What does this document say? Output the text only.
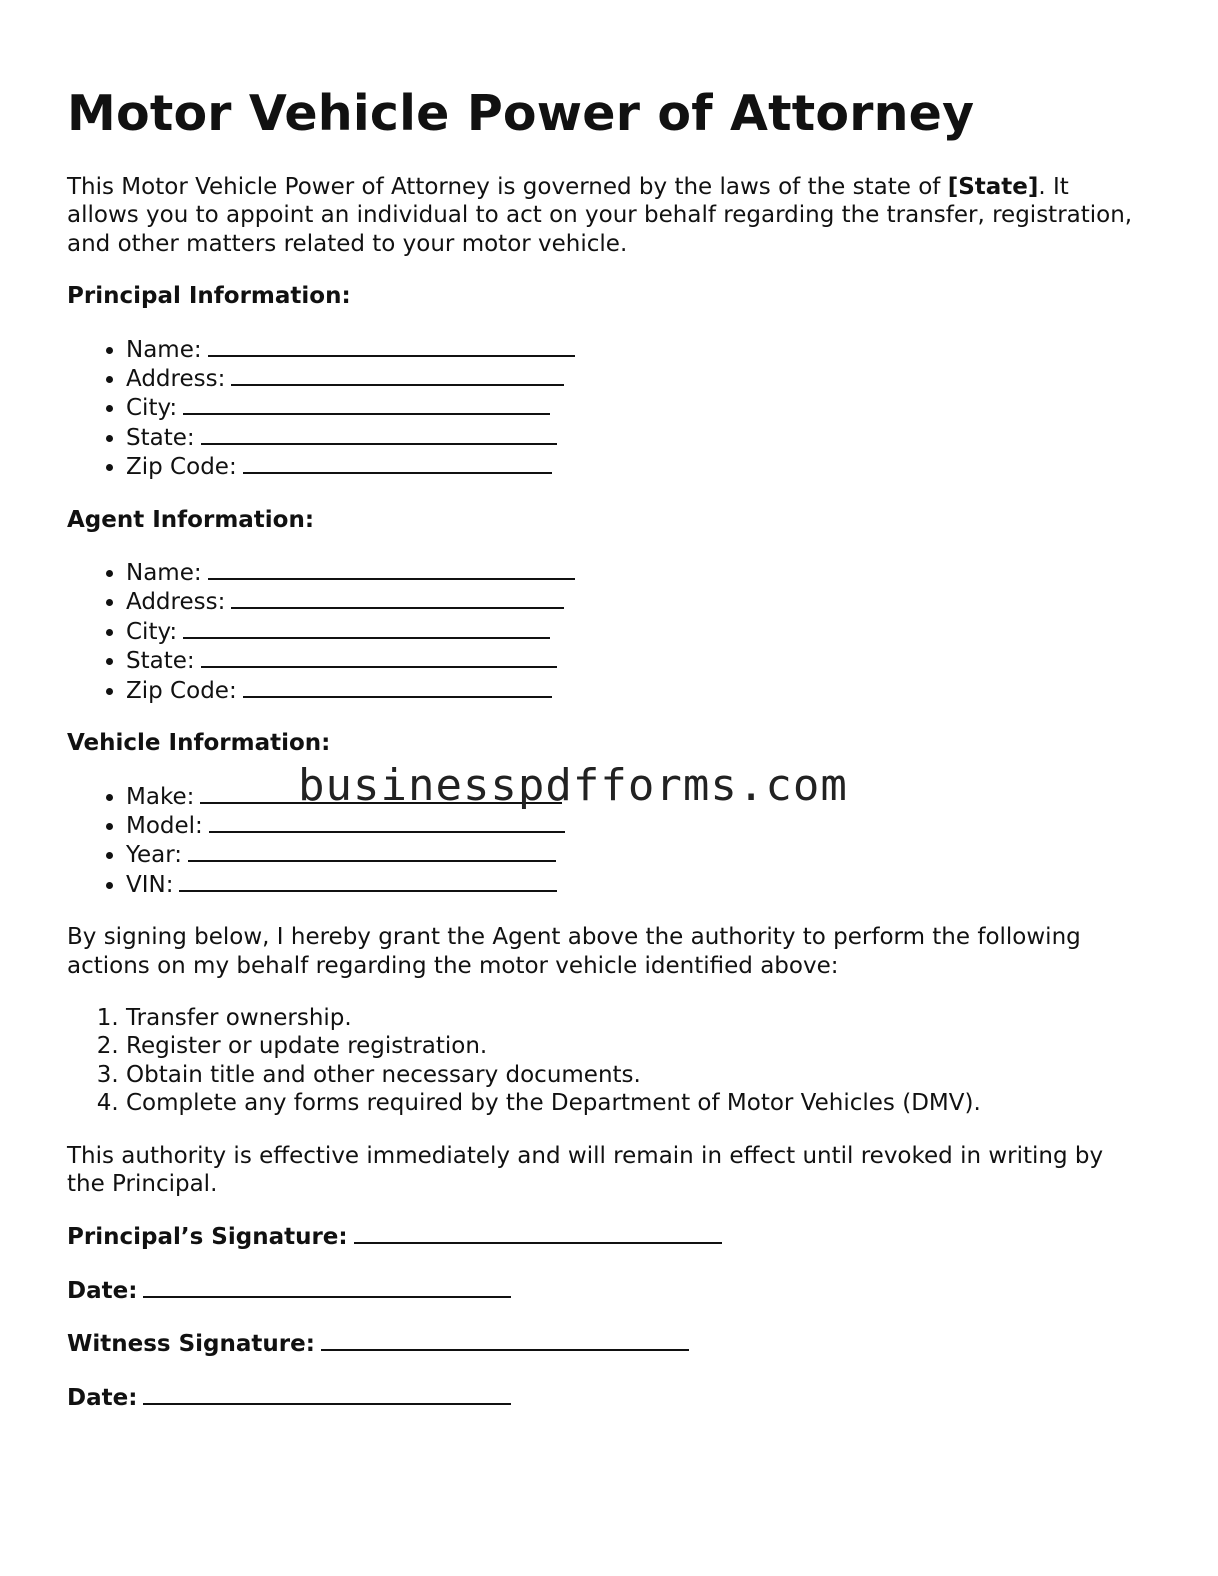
Motor Vehicle Power of Attorney

This Motor Vehicle Power of Attorney is governed by the laws of the state of [State]. It allows you to appoint an individual to act on your behalf regarding the transfer, registration, and other matters related to your motor vehicle.

Principal Information:
• Name:
• Address:
• City:
• State:
• Zip Code:
Agent Information:
• Name:
• Address:
• City:
• State:
• Zip Code:
Vehicle Information:
• Make:
• Model:
• Year:
• VIN:

By signing below, I hereby grant the Agent above the authority to perform the following actions on my behalf regarding the motor vehicle identified above:

1. Transfer ownership.
2. Register or update registration.
3. Obtain title and other necessary documents.
4. Complete any forms required by the Department of Motor Vehicles (DMV).

This authority is effective immediately and will remain in effect until revoked in writing by the Principal.

Principal’s Signature:
Date:
Witness Signature:
Date:
businesspdfforms.com
